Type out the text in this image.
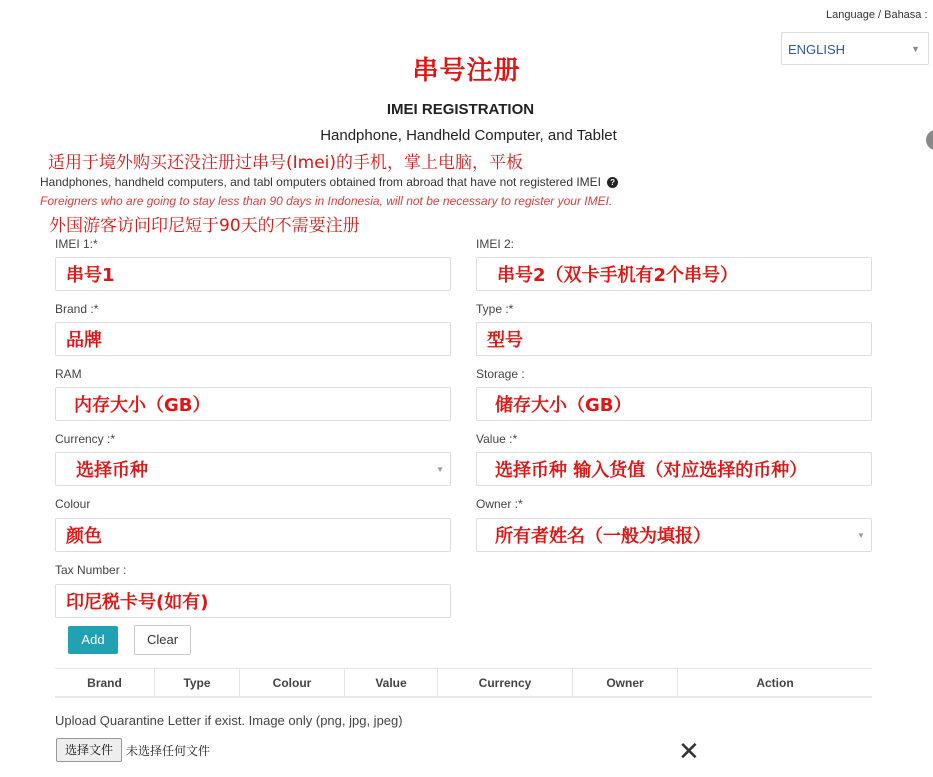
Language / Bahasa :
ENGLISH	▼
串号注册
IMEI REGISTRATION
Handphone, Handheld Computer, and Tablet
适用于境外购买还没注册过串号(Imei)的手机，掌上电脑，平板
Handphones, handheld computers, and tabl omputers obtained from abroad that have not registered IMEI ?
Foreigners who are going to stay less than 90 days in Indonesia, will not be necessary to register your IMEI.
外国游客访问印尼短于90天的不需要注册
IMEI 1:*
串号1
IMEI 2:
串号2（双卡手机有2个串号）
Brand :*
品牌
Type :*
型号
RAM
内存大小（GB）
Storage :
储存大小（GB）
Currency :*
选择币种	▼
Value :*
选择币种 输入货值（对应选择的币种）
Colour
颜色
Owner :*
所有者姓名（一般为填报）	▼
Tax Number :
印尼税卡号(如有)
Add	Clear
Brand	Type	Colour	Value	Currency	Owner	Action
Upload Quarantine Letter if exist. Image only (png, jpg, jpeg)
选择文件	未选择任何文件	✕
